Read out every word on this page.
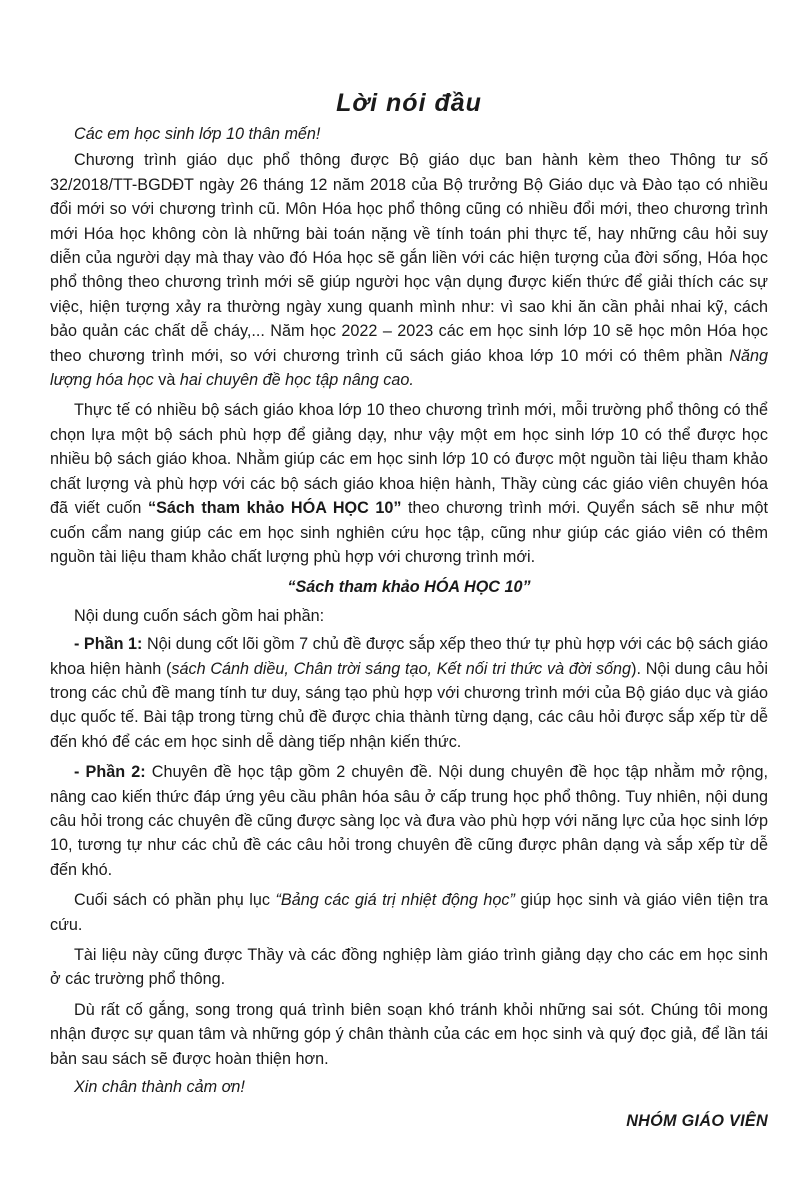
Lời nói đầu

Các em học sinh lớp 10 thân mến!

Chương trình giáo dục phổ thông được Bộ giáo dục ban hành kèm theo Thông tư số 32/2018/TT-BGDĐT ngày 26 tháng 12 năm 2018 của Bộ trưởng Bộ Giáo dục và Đào tạo có nhiều đổi mới so với chương trình cũ. Môn Hóa học phổ thông cũng có nhiều đổi mới, theo chương trình mới Hóa học không còn là những bài toán nặng về tính toán phi thực tế, hay những câu hỏi suy diễn của người dạy mà thay vào đó Hóa học sẽ gắn liền với các hiện tượng của đời sống, Hóa học phổ thông theo chương trình mới sẽ giúp người học vận dụng được kiến thức để giải thích các sự việc, hiện tượng xảy ra thường ngày xung quanh mình như: vì sao khi ăn cần phải nhai kỹ, cách bảo quản các chất dễ cháy,... Năm học 2022 – 2023 các em học sinh lớp 10 sẽ học môn Hóa học theo chương trình mới, so với chương trình cũ sách giáo khoa lớp 10 mới có thêm phần Năng lượng hóa học và hai chuyên đề học tập nâng cao.

Thực tế có nhiều bộ sách giáo khoa lớp 10 theo chương trình mới, mỗi trường phổ thông có thể chọn lựa một bộ sách phù hợp để giảng dạy, như vậy một em học sinh lớp 10 có thể được học nhiều bộ sách giáo khoa. Nhằm giúp các em học sinh lớp 10 có được một nguồn tài liệu tham khảo chất lượng và phù hợp với các bộ sách giáo khoa hiện hành, Thầy cùng các giáo viên chuyên hóa đã viết cuốn “Sách tham khảo HÓA HỌC 10” theo chương trình mới. Quyển sách sẽ như một cuốn cẩm nang giúp các em học sinh nghiên cứu học tập, cũng như giúp các giáo viên có thêm nguồn tài liệu tham khảo chất lượng phù hợp với chương trình mới.

“Sách tham khảo HÓA HỌC 10”

Nội dung cuốn sách gồm hai phần:

- Phần 1: Nội dung cốt lõi gồm 7 chủ đề được sắp xếp theo thứ tự phù hợp với các bộ sách giáo khoa hiện hành (sách Cánh diều, Chân trời sáng tạo, Kết nối tri thức và đời sống). Nội dung câu hỏi trong các chủ đề mang tính tư duy, sáng tạo phù hợp với chương trình mới của Bộ giáo dục và giáo dục quốc tế. Bài tập trong từng chủ đề được chia thành từng dạng, các câu hỏi được sắp xếp từ dễ đến khó để các em học sinh dễ dàng tiếp nhận kiến thức.

- Phần 2: Chuyên đề học tập gồm 2 chuyên đề. Nội dung chuyên đề học tập nhằm mở rộng, nâng cao kiến thức đáp ứng yêu cầu phân hóa sâu ở cấp trung học phổ thông. Tuy nhiên, nội dung câu hỏi trong các chuyên đề cũng được sàng lọc và đưa vào phù hợp với năng lực của học sinh lớp 10, tương tự như các chủ đề các câu hỏi trong chuyên đề cũng được phân dạng và sắp xếp từ dễ đến khó.

Cuối sách có phần phụ lục “Bảng các giá trị nhiệt động học” giúp học sinh và giáo viên tiện tra cứu.

Tài liệu này cũng được Thầy và các đồng nghiệp làm giáo trình giảng dạy cho các em học sinh ở các trường phổ thông.

Dù rất cố gắng, song trong quá trình biên soạn khó tránh khỏi những sai sót. Chúng tôi mong nhận được sự quan tâm và những góp ý chân thành của các em học sinh và quý đọc giả, để lần tái bản sau sách sẽ được hoàn thiện hơn.

Xin chân thành cảm ơn!

NHÓM GIÁO VIÊN
